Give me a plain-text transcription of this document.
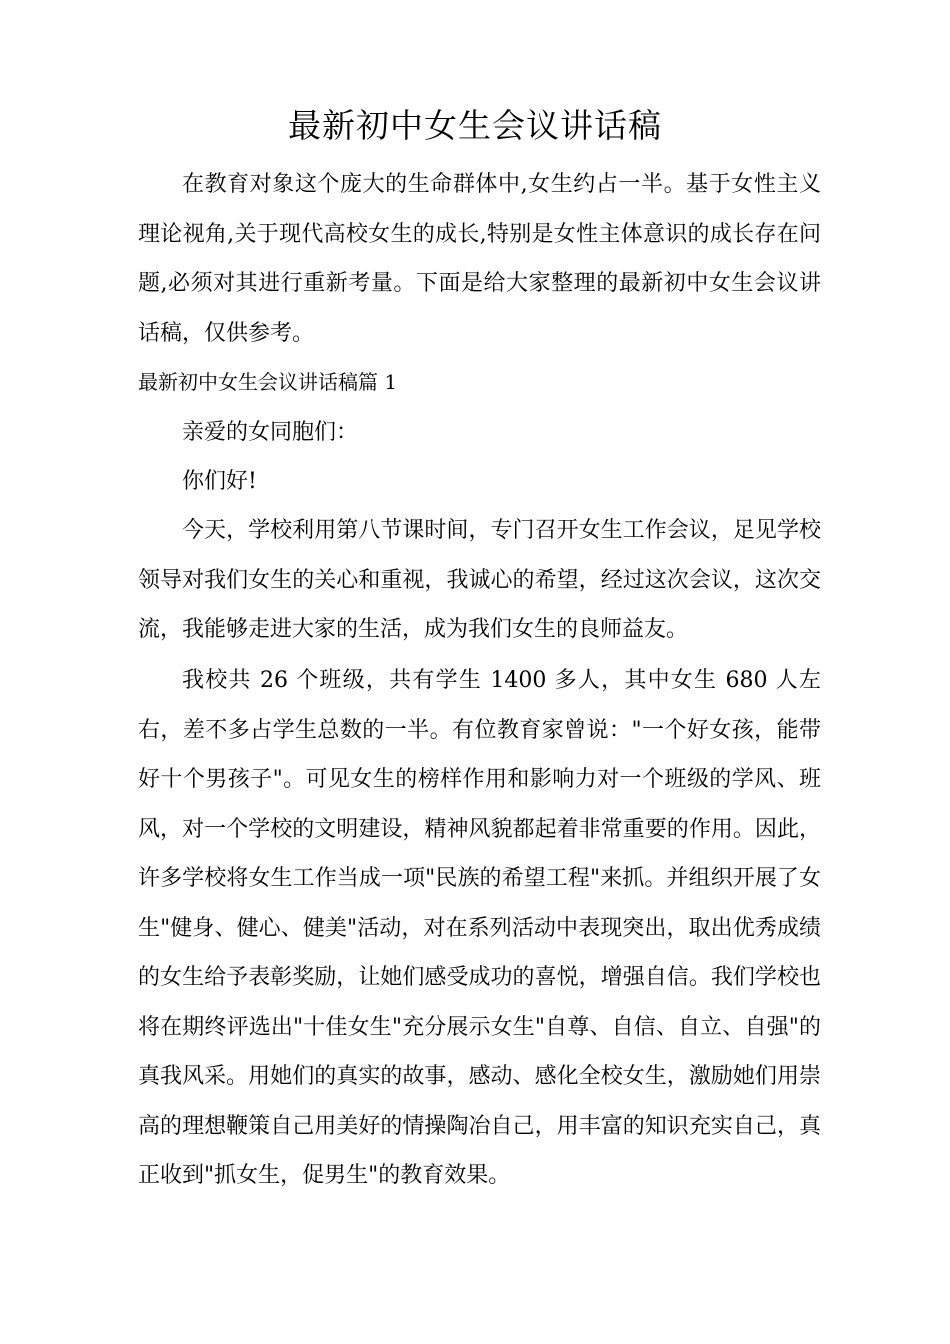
最新初中女生会议讲话稿

在教育对象这个庞大的生命群体中,女生约占一半。基于女性主义理论视角,关于现代高校女生的成长,特别是女性主体意识的成长存在问题,必须对其进行重新考量。下面是给大家整理的最新初中女生会议讲话稿，仅供参考。

最新初中女生会议讲话稿篇 1

亲爱的女同胞们：

你们好!

今天，学校利用第八节课时间，专门召开女生工作会议，足见学校领导对我们女生的关心和重视，我诚心的希望，经过这次会议，这次交流，我能够走进大家的生活，成为我们女生的良师益友。

我校共 26 个班级，共有学生 1400 多人，其中女生 680 人左右，差不多占学生总数的一半。有位教育家曾说："一个好女孩，能带好十个男孩子"。可见女生的榜样作用和影响力对一个班级的学风、班风，对一个学校的文明建设，精神风貌都起着非常重要的作用。因此，许多学校将女生工作当成一项"民族的希望工程"来抓。并组织开展了女生"健身、健心、健美"活动，对在系列活动中表现突出，取出优秀成绩的女生给予表彰奖励，让她们感受成功的喜悦，增强自信。我们学校也将在期终评选出"十佳女生"充分展示女生"自尊、自信、自立、自强"的真我风采。用她们的真实的故事，感动、感化全校女生，激励她们用崇高的理想鞭策自己用美好的情操陶冶自己，用丰富的知识充实自己，真正收到"抓女生，促男生"的教育效果。
